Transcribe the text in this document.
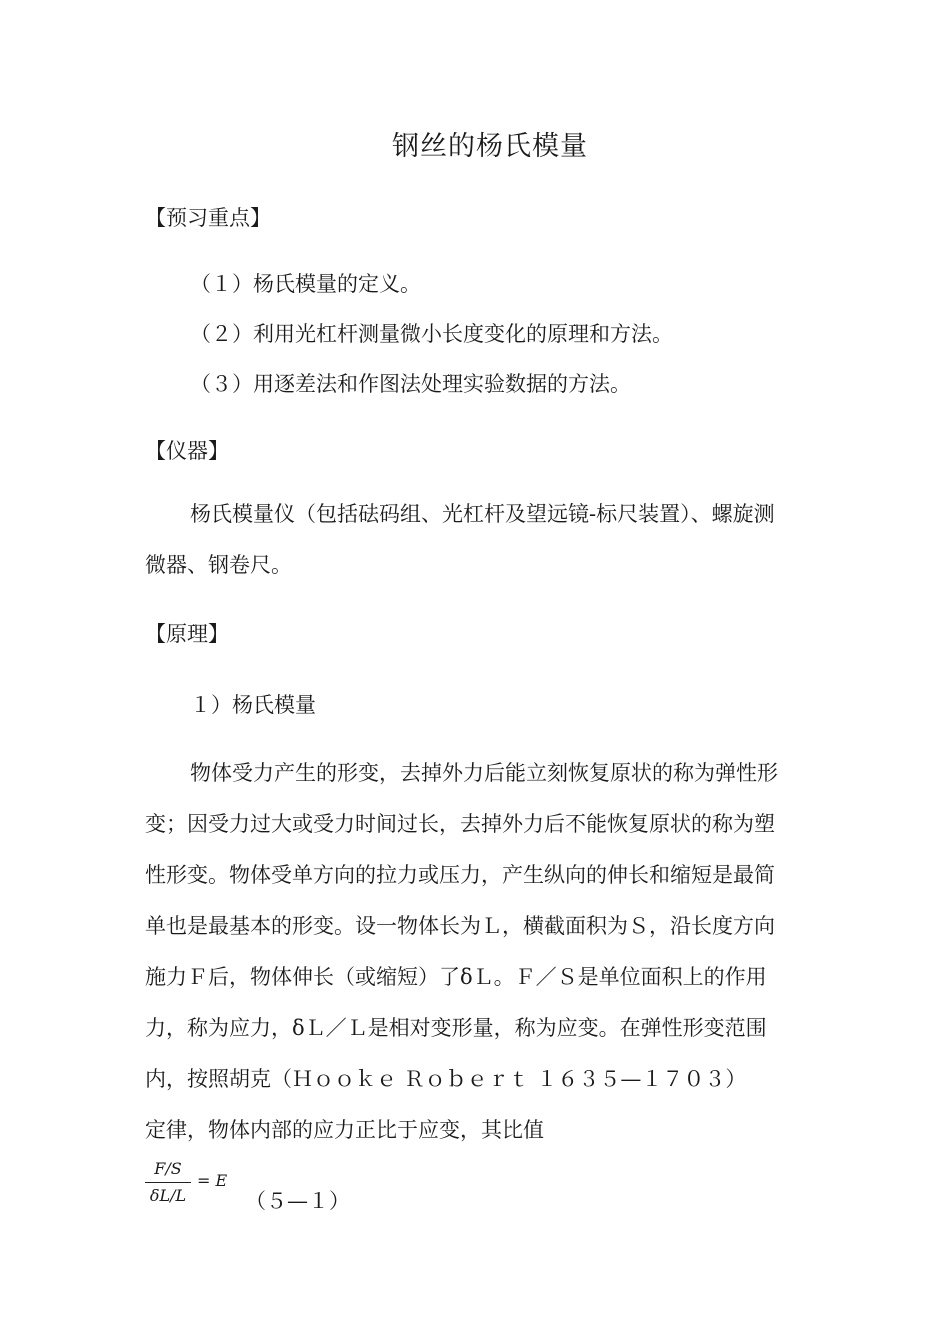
钢丝的杨氏模量
【预习重点】
（１）杨氏模量的定义。
（２）利用光杠杆测量微小长度变化的原理和方法。
（３）用逐差法和作图法处理实验数据的方法。
【仪器】
杨氏模量仪（包括砝码组、光杠杆及望远镜-标尺装置）、螺旋测
微器、钢卷尺。
【原理】
１）杨氏模量
物体受力产生的形变，去掉外力后能立刻恢复原状的称为弹性形
变；因受力过大或受力时间过长，去掉外力后不能恢复原状的称为塑
性形变。物体受单方向的拉力或压力，产生纵向的伸长和缩短是最简
单也是最基本的形变。设一物体长为Ｌ，横截面积为Ｓ，沿长度方向
施力Ｆ后，物体伸长（或缩短）了δＬ。Ｆ／Ｓ是单位面积上的作用
力，称为应力，δＬ／Ｌ是相对变形量，称为应变。在弹性形变范围
内，按照胡克（Ｈｏｏｋｅ Ｒｏｂｅｒｔ １６３５—１７０３）
定律，物体内部的应力正比于应变，其比值
F/S
δL/L
= E
（５—１）
